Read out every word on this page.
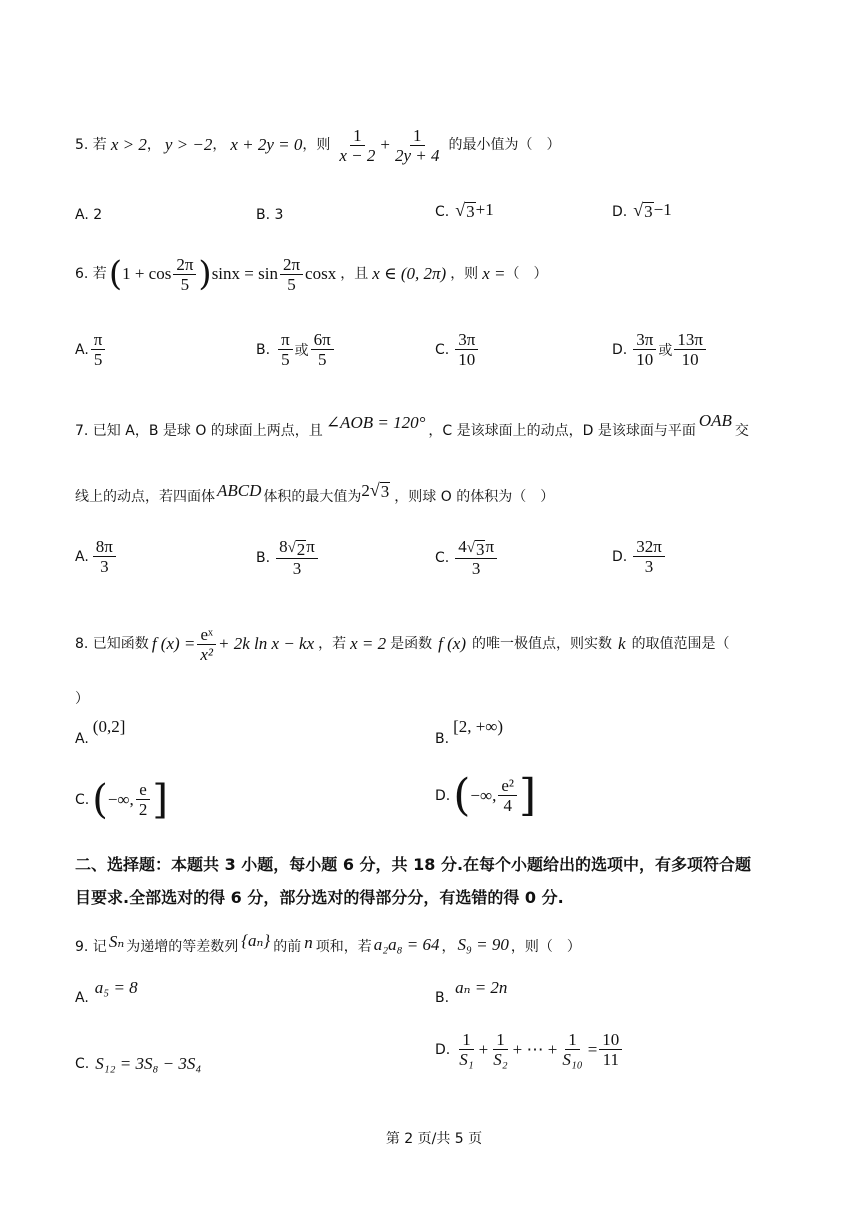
5. 若 x > 2 ， y > −2 ， x + 2y = 0 ，则 $\frac{1}{x - 2} + \frac{1}{2y + 4}$ 的最小值为（　）
A. 2	B. 3	C. √ 3 +1	D. √ 3 −1
6. 若 ( $1 + \cos \frac{2\pi}{5}$ ) $\sin x = \sin \frac{2\pi}{5}$ cosx ，且 x ∈ (0, 2π) ，则 x = （　）
A. $\frac{\pi}{5}$	B. $\frac{\pi}{5}$ 或 $\frac{6\pi}{5}$	C. $\frac{3\pi}{10}$	D. $\frac{3\pi}{10}$ 或 $\frac{13\pi}{10}$
7. 已知 A，B 是球 O 的球面上两点，且 ∠AOB = 120° ，C 是该球面上的动点，D 是该球面与平面
OAB
交
线上的动点，若四面体 ABCD 体积的最大值为 2 √ 3 ，则球 O 的体积为（　）
A. $\frac{8\pi}{3}$	B. $\frac{8 √ 2 \pi}{3}$	C. $\frac{4 √ 3 \pi}{3}$	D. $\frac{32\pi}{3}$
8. 已知函数 f $(x) = \frac{\text{eˣ}}{\text{x²}} + 2k$ ln x − kx ，若 x = 2 是函数 f (x) 的唯一极值点，则实数 k 的取值范围是（
）
A.
(0,2]
B.
[2, +∞)
C. ( −∞, $\frac{e}{2}$ ]	D. ( −∞, $\frac{\text{e²}}{4}$ ]
二、选择题：本题共 3 小题，每小题 6 分，共 18 分.在每个小题给出的选项中，有多项符合题
目要求.全部选对的得 6 分，部分选对的得部分分，有选错的得 0 分.
9. 记 Sₙ 为递增的等差数列 {aₙ} 的前 n 项和，若 a₂a₈ = 64 ， S₉ = 90 ，则（　）
A.
a₅ = 8
B.
aₙ = 2n
C. S₁₂ = 3S₈ − 3S₄
D. $\frac{1}{\text{S₁}} + \frac{1}{\text{S₂}}$ + ⋯ + $\frac{1}{\text{S₁₀}} = \frac{10}{11}$
第 2 页/共 5 页
